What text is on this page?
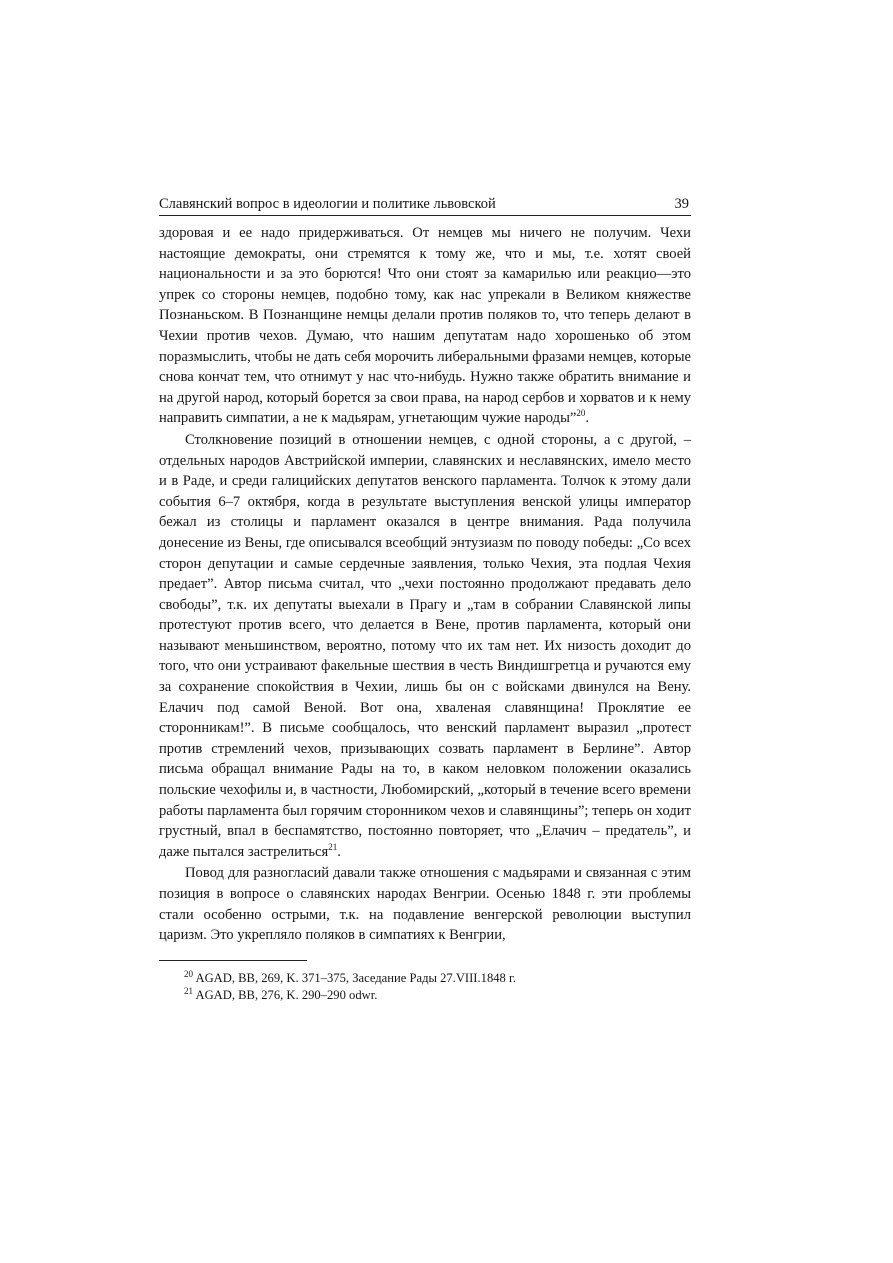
Славянский вопрос в идеологии и политике львовской	39

здоровая и ее надо придерживаться. От немцев мы ничего не получим. Чехи настоящие демократы, они стремятся к тому же, что и мы, т.е. хотят своей национальности и за это борются! Что они стоят за камарилью или реакцио––это упрек со стороны немцев, подобно тому, как нас упрекали в Великом княжестве Познаньском. В Познанщине немцы делали против поляков то, что теперь делают в Чехии против чехов. Думаю, что нашим депутатам надо хорошенько об этом поразмыслить, чтобы не дать себя морочить либеральными фразами немцев, которые снова кончат тем, что отнимут у нас что-нибудь. Нужно также обратить внимание и на другой народ, который борется за свои права, на народ сербов и хорватов и к нему направить симпатии, а не к мадьярам, угнетающим чужие народы”$^{20}$.

Столкновение позиций в отношении немцев, с одной стороны, а с другой, – отдельных народов Австрийской империи, славянских и неславянских, имело место и в Раде, и среди галицийских депутатов венского парламента. Толчок к этому дали события 6–7 октября, когда в результате выступления венской улицы император бежал из столицы и парламент оказался в центре внимания. Рада получила донесение из Вены, где описывался всеобщий энтузиазм по поводу победы: „Со всех сторон депутации и самые сердечные заявления, только Чехия, эта подлая Чехия предает”. Автор письма считал, что „чехи постоянно продолжают предавать дело свободы”, т.к. их депутаты выехали в Прагу и „там в собрании Славянской липы протестуют против всего, что делается в Вене, против парламента, который они называют меньшинством, вероятно, потому что их там нет. Их низость доходит до того, что они устраивают факельные шествия в честь Виндишгретца и ручаются ему за сохранение спокойствия в Чехии, лишь бы он с войсками двинулся на Вену. Елачич под самой Веной. Вот она, хваленая славянщина! Проклятие ее сторонникам!”. В письме сообщалось, что венский парламент выразил „протест против стремлений чехов, призывающих созвать парламент в Берлине”. Автор письма обращал внимание Рады на то, в каком неловком положении оказались польские чехофилы и, в частности, Любомирский, „который в течение всего времени работы парламента был горячим сторонником чехов и славянщины”; теперь он ходит грустный, впал в беспамятство, постоянно повторяет, что „Елачич – предатель”, и даже пытался застрелиться$^{21}$.

Повод для разногласий давали также отношения с мадьярами и связанная с этим позиция в вопросе о славянских народах Венгрии. Осенью 1848 г. эти проблемы стали особенно острыми, т.к. на подавление венгерской революции выступил царизм. Это укрепляло поляков в симпатиях к Венгрии,

$^{20}$ AGAD, BB, 269, K. 371–375, Заседание Рады 27.VIII.1848 г.
$^{21}$ AGAD, BB, 276, K. 290–290 odwr.
